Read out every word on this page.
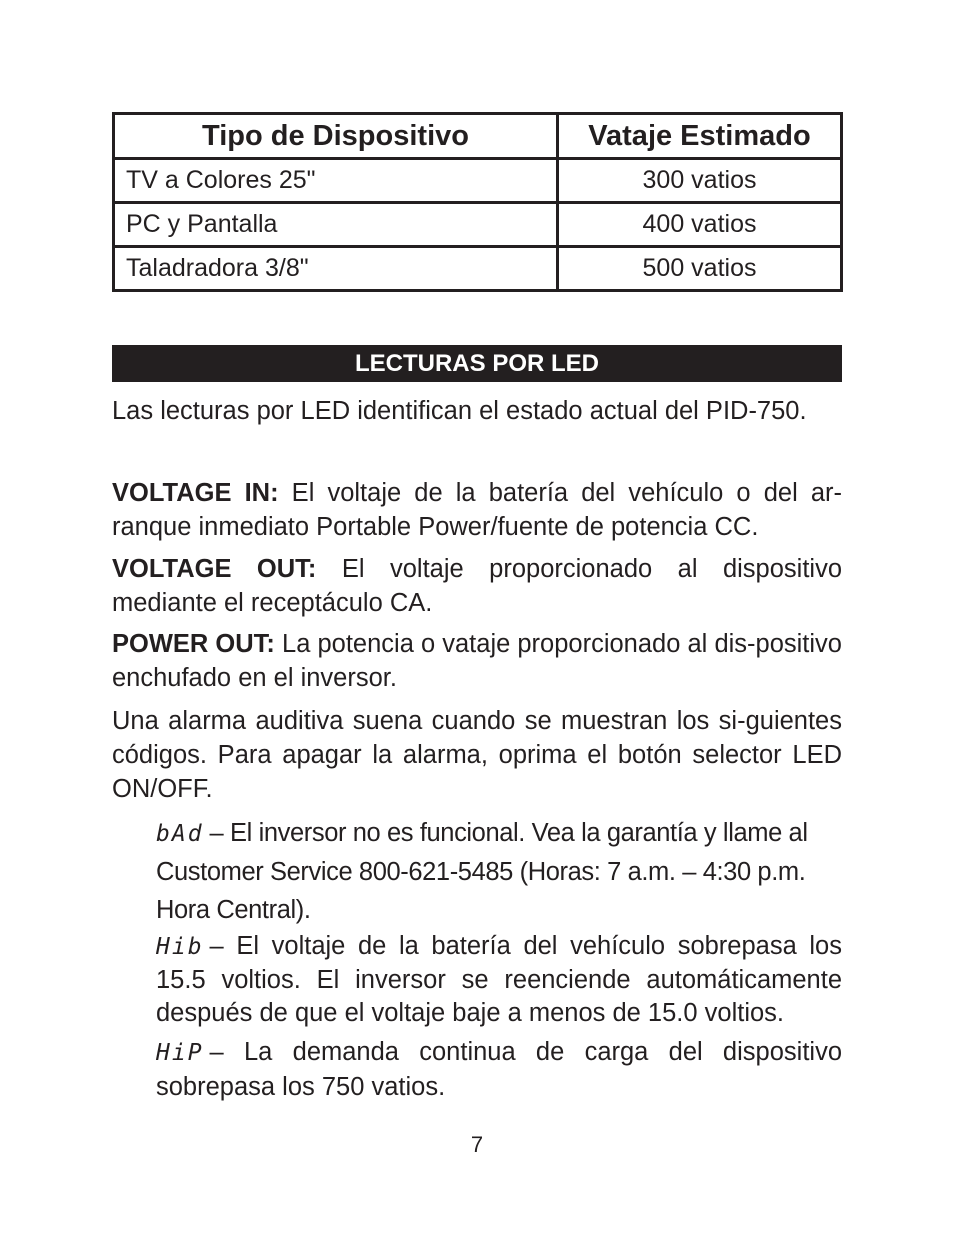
Tipo de Dispositivo	Vataje Estimado
TV a Colores 25"	300 vatios
PC y Pantalla	400 vatios
Taladradora 3/8"	500 vatios
LECTURAS POR LED

Las lecturas por LED identifican el estado actual del PID-750.

VOLTAGE IN: El voltaje de la batería del vehículo o del ar-ranque inmediato Portable Power/fuente de potencia CC.

VOLTAGE OUT: El voltaje proporcionado al dispositivo mediante el receptáculo CA.

POWER OUT: La potencia o vataje proporcionado al dis-positivo enchufado en el inversor.

Una alarma auditiva suena cuando se muestran los si-guientes códigos. Para apagar la alarma, oprima el botón selector LED ON/OFF.

bAd – El inversor no es funcional. Vea la garantía y llame al Customer Service 800-621-5485 (Horas: 7 a.m. – 4:30 p.m. Hora Central).

Hib – El voltaje de la batería del vehículo sobrepasa los 15.5 voltios. El inversor se reenciende automáticamente después de que el voltaje baje a menos de 15.0 voltios.

HiP – La demanda continua de carga del dispositivo sobrepasa los 750 vatios.

7
